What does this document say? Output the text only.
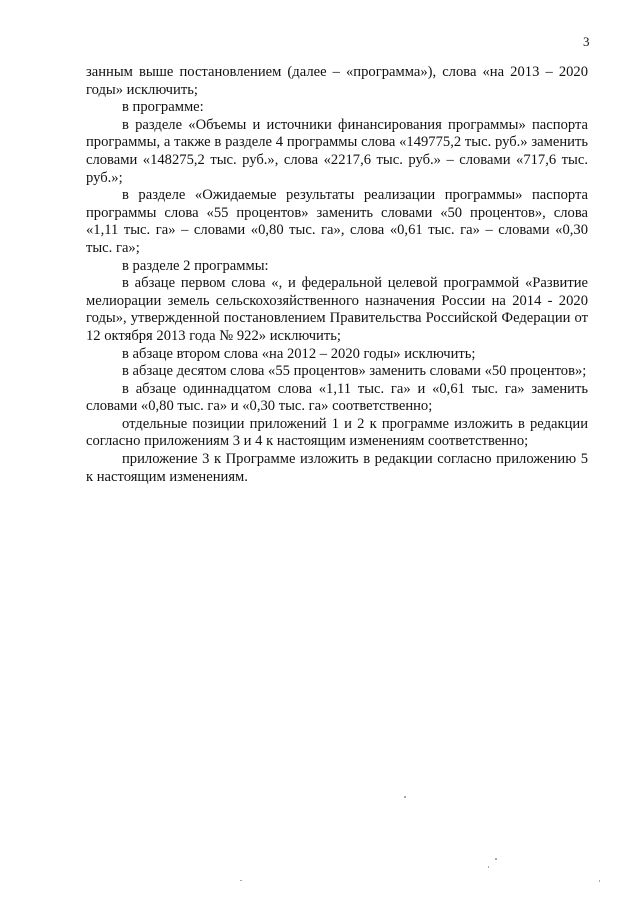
3

занным выше постановлением (далее – «программа»), слова «на 2013 – 2020 годы» исключить;

в программе:

в разделе «Объемы и источники финансирования программы» паспорта программы, а также в разделе 4 программы слова «149775,2 тыс. руб.» заменить словами «148275,2 тыс. руб.», слова «2217,6 тыс. руб.» – словами «717,6 тыс. руб.»;

в разделе «Ожидаемые результаты реализации программы» паспорта программы слова «55 процентов» заменить словами «50 процентов», слова «1,11 тыс. га» – словами «0,80 тыс. га», слова «0,61 тыс. га» – словами «0,30 тыс. га»;

в разделе 2 программы:

в абзаце первом слова «, и федеральной целевой программой «Развитие мелиорации земель сельскохозяйственного назначения России на 2014 - 2020 годы», утвержденной постановлением Правительства Российской Федерации от 12 октября 2013 года № 922» исключить;

в абзаце втором слова «на 2012 – 2020 годы» исключить;

в абзаце десятом слова «55 процентов» заменить словами «50 процентов»;

в абзаце одиннадцатом слова «1,11 тыс. га» и «0,61 тыс. га» заменить словами «0,80 тыс. га» и «0,30 тыс. га» соответственно;

отдельные позиции приложений 1 и 2 к программе изложить в редакции согласно приложениям 3 и 4 к настоящим изменениям соответственно;

приложение 3 к Программе изложить в редакции согласно приложению 5 к настоящим изменениям.
